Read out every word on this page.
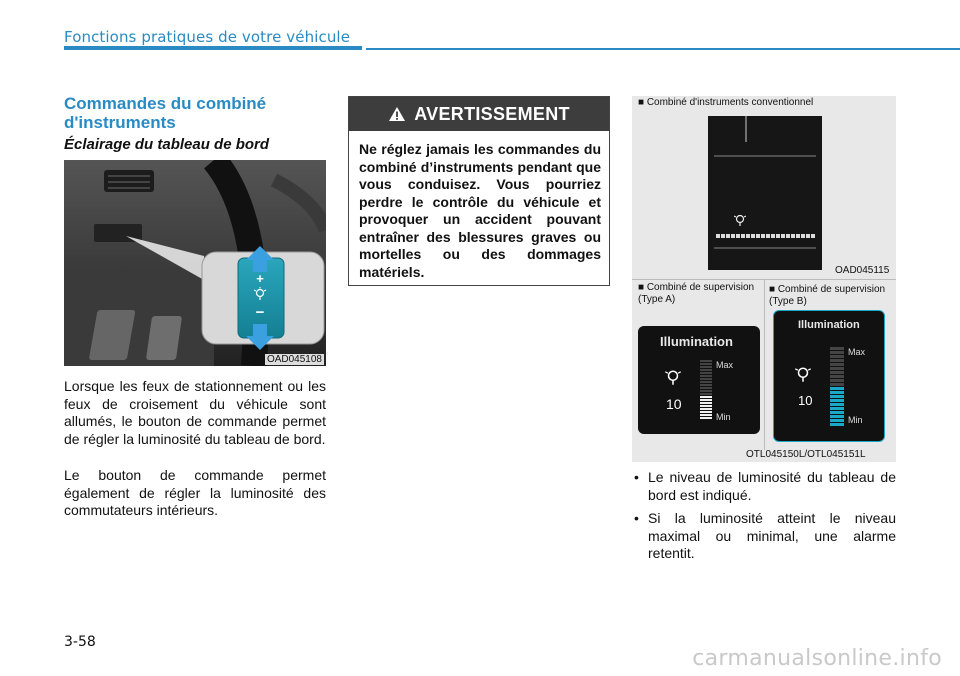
Fonctions pratiques de votre véhicule
Commandes du combiné d'instruments
Éclairage du tableau de bord
+
−
OAD045108
Lorsque les feux de stationnement ou les feux de croisement du véhicule sont allumés, le bouton de commande permet de régler la luminosité du tableau de bord.
Le bouton de commande permet également de régler la luminosité des commutateurs intérieurs.
AVERTISSEMENT
Ne réglez jamais les commandes du combiné d’instruments pendant que vous conduisez. Vous pourriez perdre le contrôle du véhicule et provoquer un accident pouvant entraîner des blessures graves ou mortelles ou des dommages matériels.
■ Combiné d'instruments conventionnel
OAD045115
■ Combiné de supervision (Type A)
■ Combiné de supervision (Type B)
Illumination
10
Max
Min
Illumination
10
Max
Min
OTL045150L/OTL045151L
• Le niveau de luminosité du tableau de bord est indiqué.
• Si la luminosité atteint le niveau maximal ou minimal, une alarme retentit.
3-58
carmanualsonline.info
